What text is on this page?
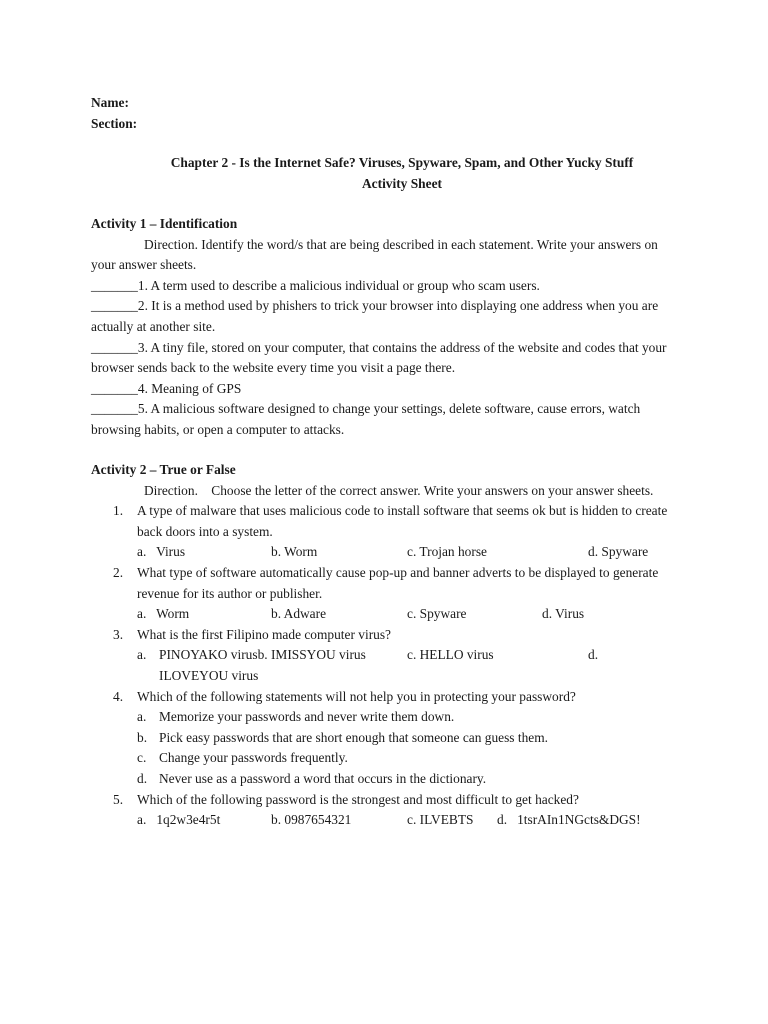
Name:
Section:
Chapter 2 - Is the Internet Safe? Viruses, Spyware, Spam, and Other Yucky Stuff
Activity Sheet
Activity 1 – Identification

Direction. Identify the word/s that are being described in each statement. Write your answers on your answer sheets.

_______1. A term used to describe a malicious individual or group who scam users.

_______2. It is a method used by phishers to trick your browser into displaying one address when you are actually at another site.

_______3. A tiny file, stored on your computer, that contains the address of the website and codes that your browser sends back to the website every time you visit a page there.

_______4. Meaning of GPS

_______5. A malicious software designed to change your settings, delete software, cause errors, watch browsing habits, or open a computer to attacks.

Activity 2 – True or False

Direction.    Choose the letter of the correct answer. Write your answers on your answer sheets.

1. A type of malware that uses malicious code to install software that seems ok but is hidden to create back doors into a system.
a.   Virus	b. Worm	c. Trojan horse	d. Spyware
2. What type of software automatically cause pop-up and banner adverts to be displayed to generate revenue for its author or publisher.
a.   Worm	b. Adware	c. Spyware	d. Virus
3. What is the first Filipino made computer virus?
a. PINOYAKO virusb. IMISSYOU virus	c. HELLO virus	d.
ILOVEYOU virus
4. Which of the following statements will not help you in protecting your password?
a. Memorize your passwords and never write them down.
b. Pick easy passwords that are short enough that someone can guess them.
c. Change your passwords frequently.
d. Never use as a password a word that occurs in the dictionary.
5. Which of the following password is the strongest and most difficult to get hacked?
a.   1q2w3e4r5t	b. 0987654321	c. ILVEBTS d.   1tsrAIn1NGcts&DGS!
